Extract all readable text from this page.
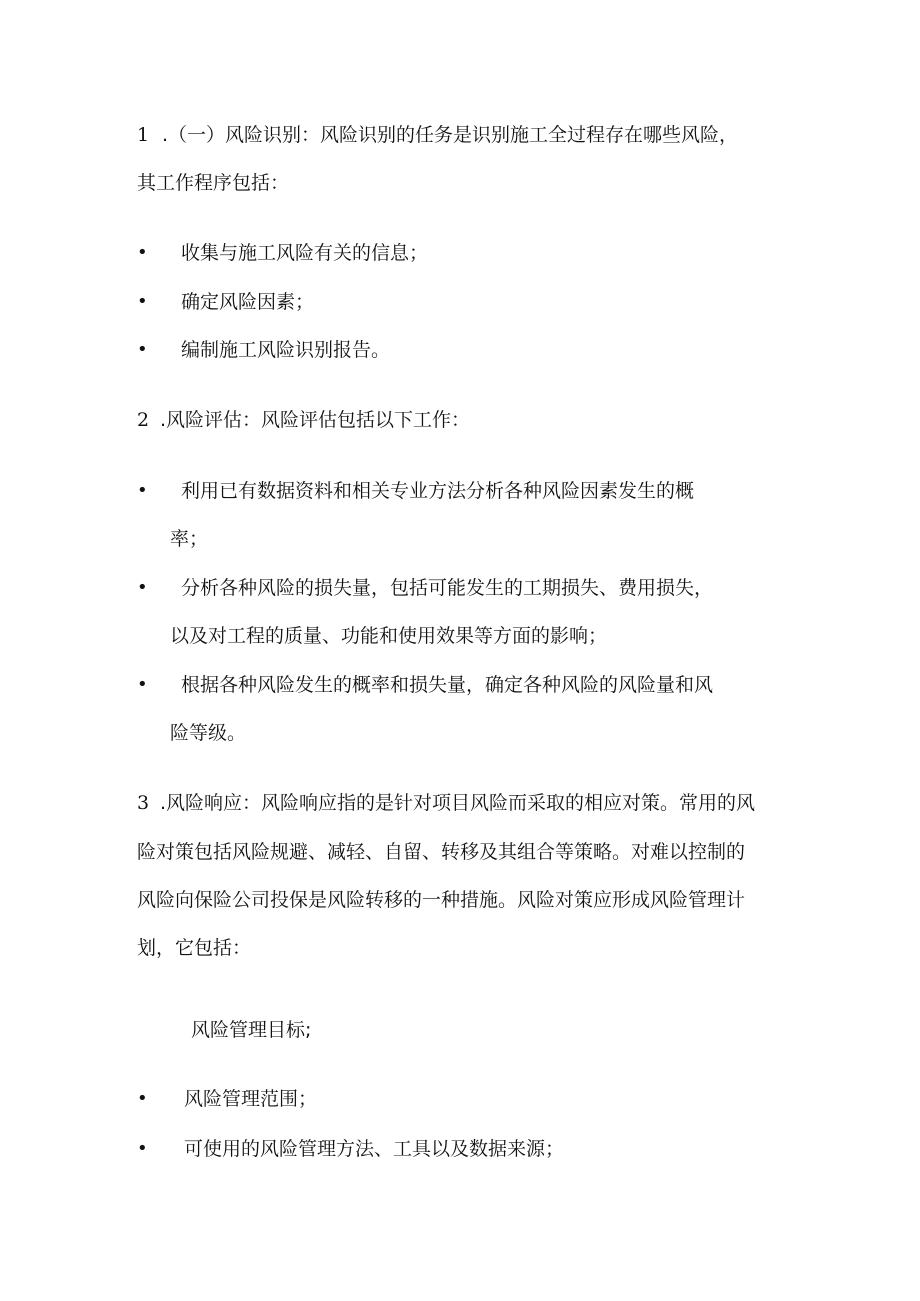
1 .（一）风险识别：风险识别的任务是识别施工全过程存在哪些风险，
其工作程序包括：
• 收集与施工风险有关的信息；
• 确定风险因素；
• 编制施工风险识别报告。
2 .风险评估：风险评估包括以下工作：
• 利用已有数据资料和相关专业方法分析各种风险因素发生的概
率；
• 分析各种风险的损失量，包括可能发生的工期损失、费用损失，
以及对工程的质量、功能和使用效果等方面的影响；
• 根据各种风险发生的概率和损失量，确定各种风险的风险量和风
险等级。
3 .风险响应：风险响应指的是针对项目风险而采取的相应对策。常用的风
险对策包括风险规避、减轻、自留、转移及其组合等策略。对难以控制的
风险向保险公司投保是风险转移的一种措施。风险对策应形成风险管理计
划，它包括：
风险管理目标;
• 风险管理范围；
• 可使用的风险管理方法、工具以及数据来源；
